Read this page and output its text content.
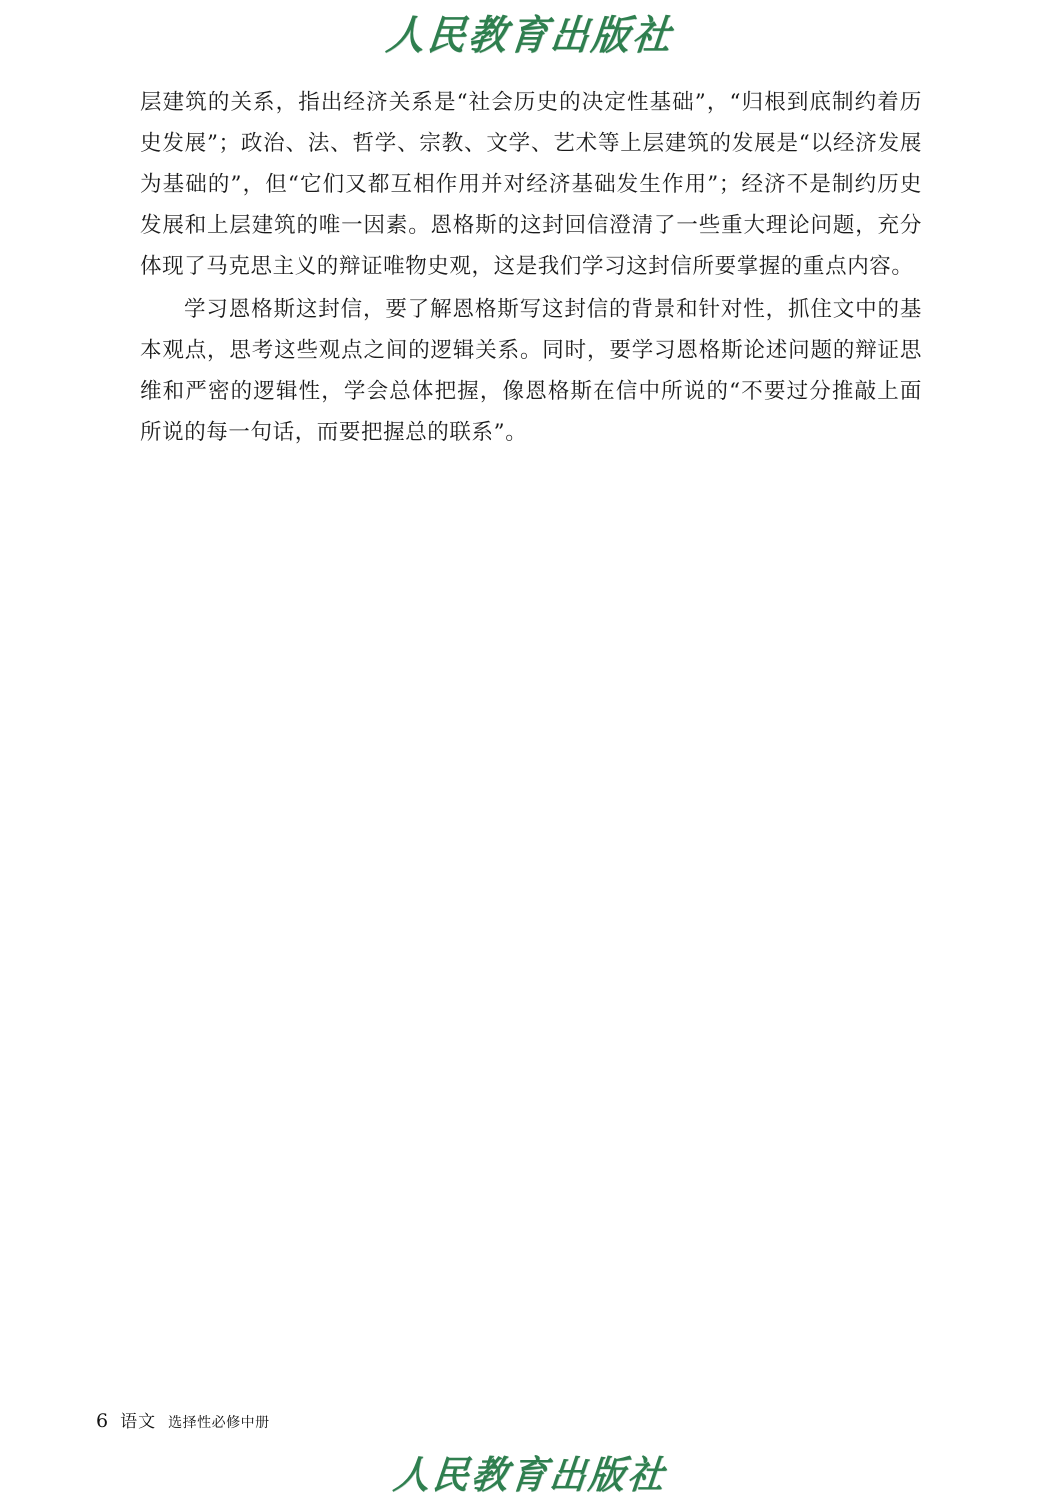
人民教育出版社

层建筑的关系，指出经济关系是“社会历史的决定性基础”，“归根到底制约着历史发展”；政治、法、哲学、宗教、文学、艺术等上层建筑的发展是“以经济发展为基础的”，但“它们又都互相作用并对经济基础发生作用”；经济不是制约历史发展和上层建筑的唯一因素。恩格斯的这封回信澄清了一些重大理论问题，充分体现了马克思主义的辩证唯物史观，这是我们学习这封信所要掌握的重点内容。

学习恩格斯这封信，要了解恩格斯写这封信的背景和针对性，抓住文中的基本观点，思考这些观点之间的逻辑关系。同时，要学习恩格斯论述问题的辩证思维和严密的逻辑性，学会总体把握，像恩格斯在信中所说的“不要过分推敲上面所说的每一句话，而要把握总的联系”。

6 语文 选择性必修中册
人民教育出版社
